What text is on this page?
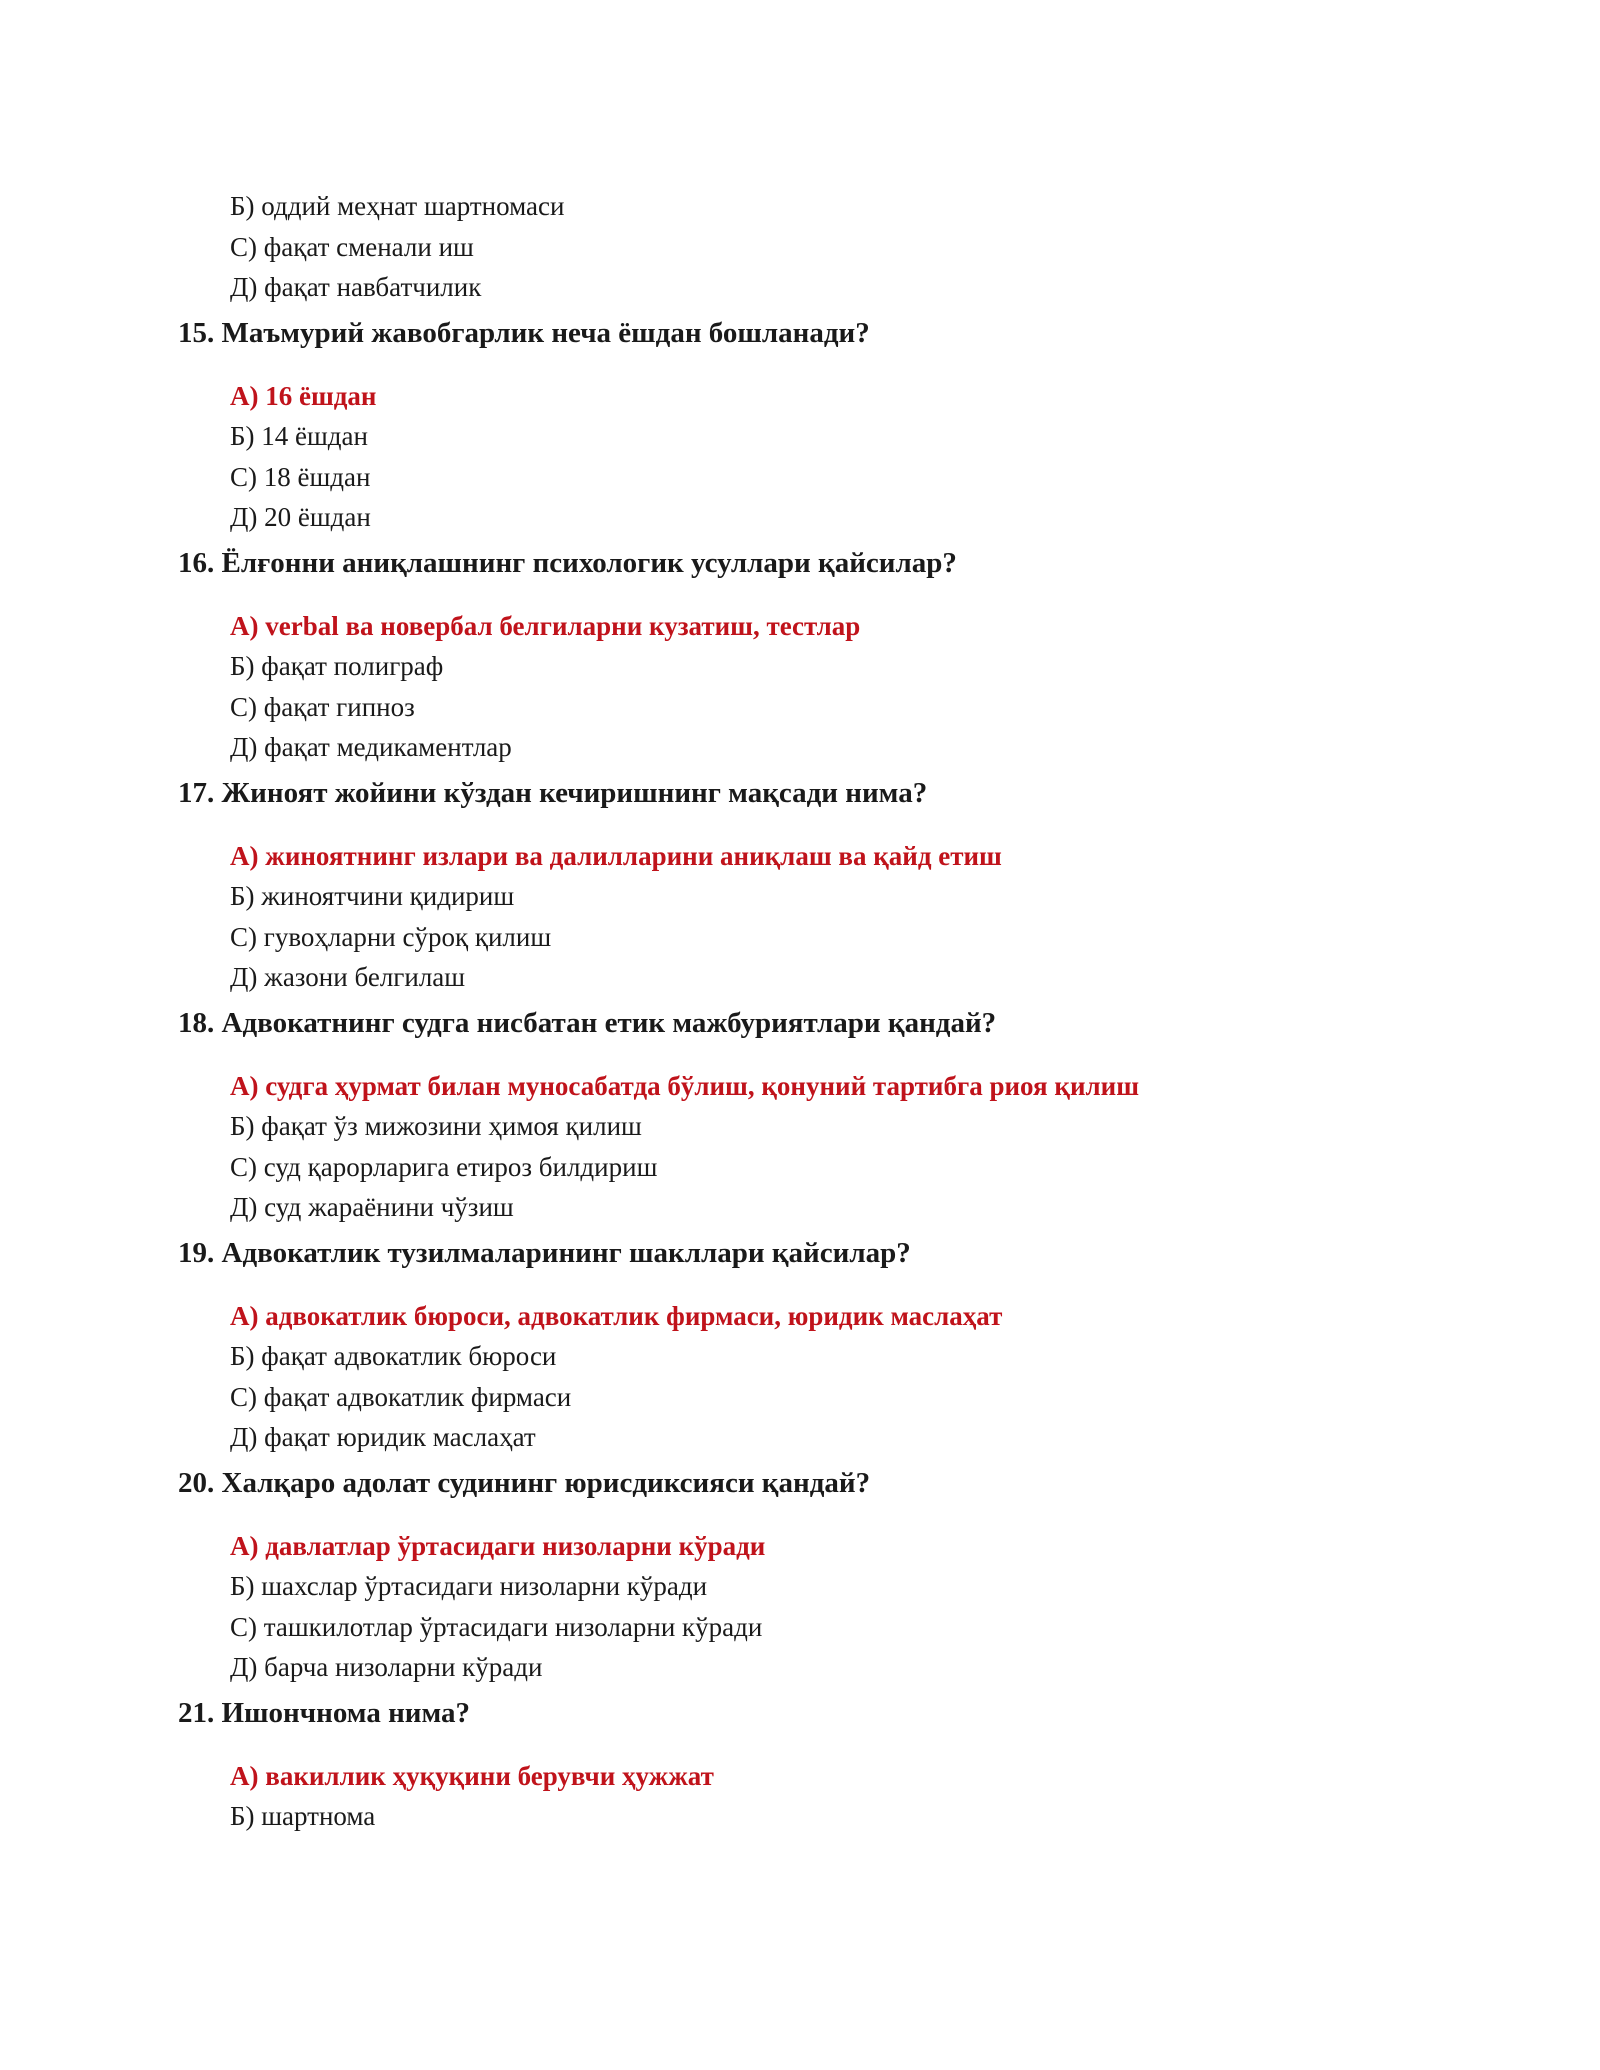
Б) оддий меҳнат шартномаси
С) фақат сменали иш
Д) фақат навбатчилик
15. Маъмурий жавобгарлик неча ёшдан бошланади?
А) 16 ёшдан
Б) 14 ёшдан
С) 18 ёшдан
Д) 20 ёшдан
16. Ёлғонни аниқлашнинг психологик усуллари қайсилар?
А) verbal ва новербал белгиларни кузатиш, тестлар
Б) фақат полиграф
С) фақат гипноз
Д) фақат медикаментлар
17. Жиноят жойини кўздан кечиришнинг мақсади нима?
А) жиноятнинг излари ва далилларини аниқлаш ва қайд етиш
Б) жиноятчини қидириш
С) гувоҳларни сўроқ қилиш
Д) жазони белгилаш
18. Адвокатнинг судга нисбатан етик мажбуриятлари қандай?
А) судга ҳурмат билан муносабатда бўлиш, қонуний тартибга риоя қилиш
Б) фақат ўз мижозини ҳимоя қилиш
С) суд қарорларига етироз билдириш
Д) суд жараёнини чўзиш
19. Адвокатлик тузилмаларининг шакллари қайсилар?
А) адвокатлик бюроси, адвокатлик фирмаси, юридик маслаҳат
Б) фақат адвокатлик бюроси
С) фақат адвокатлик фирмаси
Д) фақат юридик маслаҳат
20. Халқаро адолат судининг юрисдиксияси қандай?
А) давлатлар ўртасидаги низоларни кўради
Б) шахслар ўртасидаги низоларни кўради
С) ташкилотлар ўртасидаги низоларни кўради
Д) барча низоларни кўради
21. Ишончнома нима?
А) вакиллик ҳуқуқини берувчи ҳужжат
Б) шартнома
